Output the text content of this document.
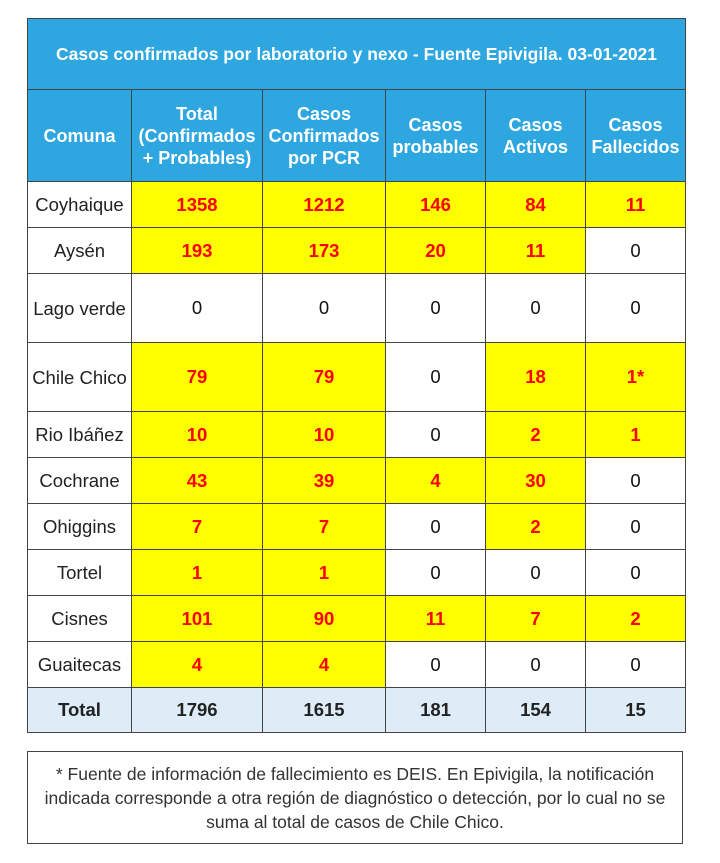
Casos confirmados por laboratorio y nexo - Fuente Epivigila. 03-01-2021					
Comuna	Total (Confirmados + Probables)	Casos Confirmados por PCR	Casos probables	Casos Activos	Casos Fallecidos
Coyhaique	1358	1212	146	84	11
Aysén	193	173	20	11	0
Lago verde	0	0	0	0	0
Chile Chico	79	79	0	18	1*
Rio Ibáñez	10	10	0	2	1
Cochrane	43	39	4	30	0
Ohiggins	7	7	0	2	0
Tortel	1	1	0	0	0
Cisnes	101	90	11	7	2
Guaitecas	4	4	0	0	0
Total	1796	1615	181	154	15
* Fuente de información de fallecimiento es DEIS. En Epivigila, la notificación indicada corresponde a otra región de diagnóstico o detección, por lo cual no se suma al total de casos de Chile Chico.
